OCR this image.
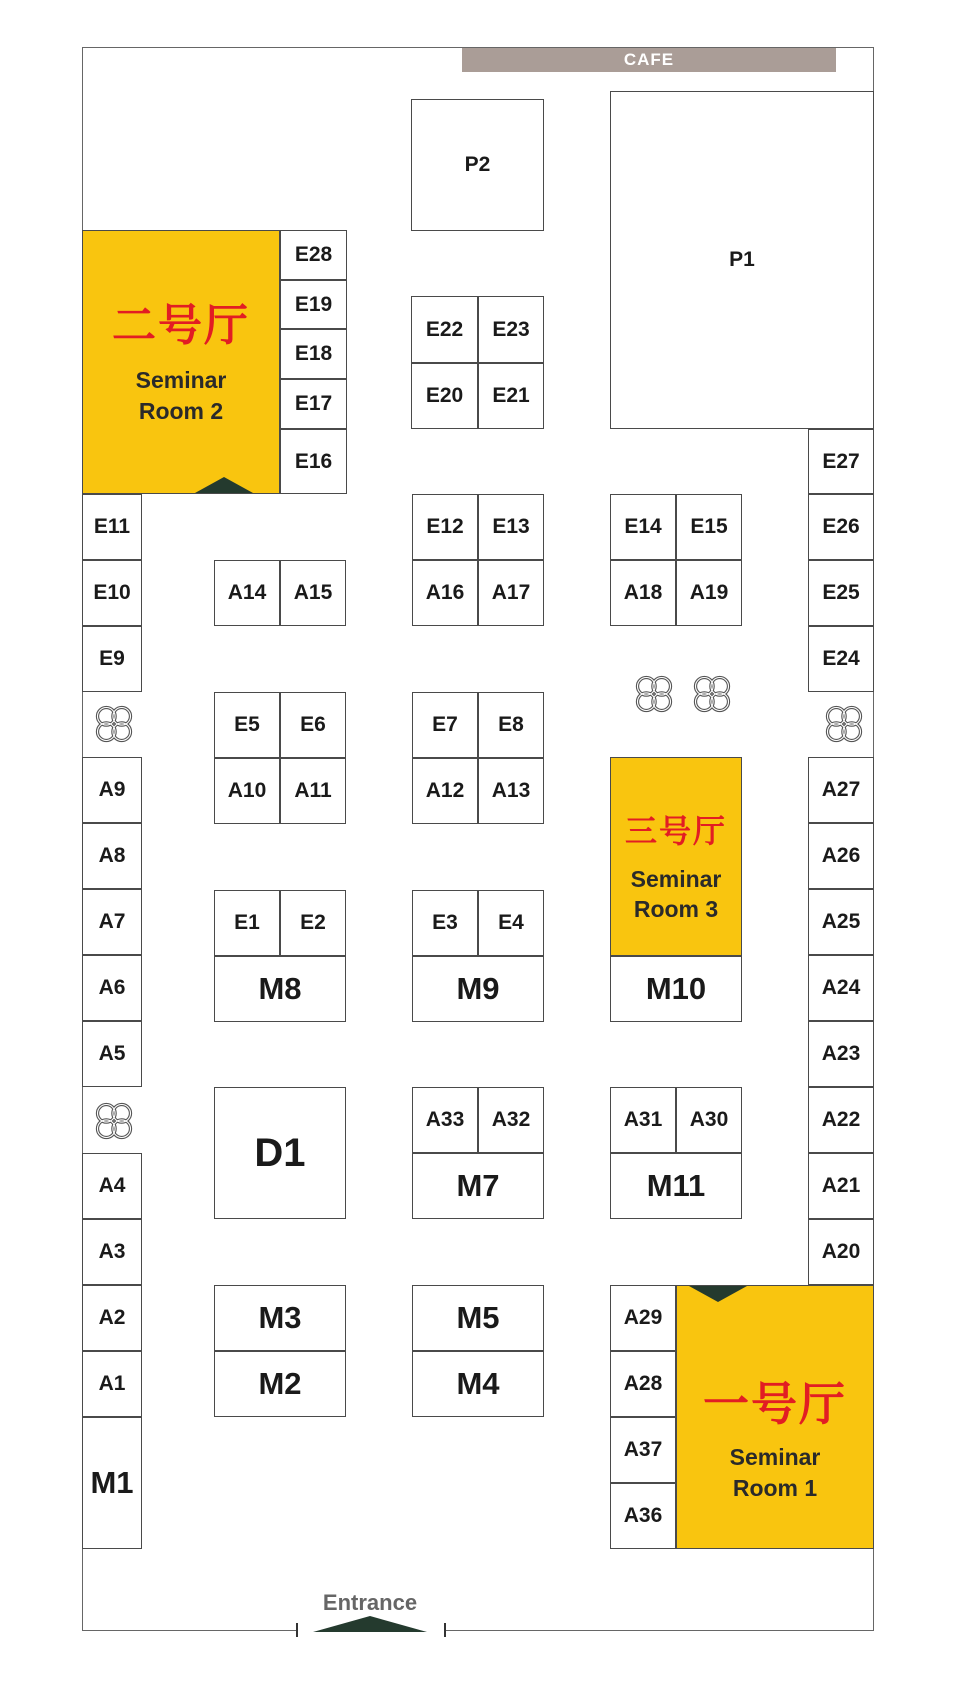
CAFE
P2
P1
二号厅
Seminar
Room 2
E28
E19
E18
E17
E16
E22 E23
E20 E21
E11
E10
E9
A9
A8
A7
A6
A5
A4
A3
A2
A1
M1
A14 A15
E5 E6
A10 A11
E1 E2
M8
D1
M3
M2
E12 E13
A16 A17
E7 E8
A12 A13
E3 E4
M9
A33 A32
M7
M5
M4
E14 E15
A18 A19
三号厅
Seminar
Room 3
M10
A31 A30
M11
A29
A28
A37
A36
一号厅
Seminar
Room 1
E27
E26
E25
E24
A27
A26
A25
A24
A23
A22
A21
A20
Entrance
